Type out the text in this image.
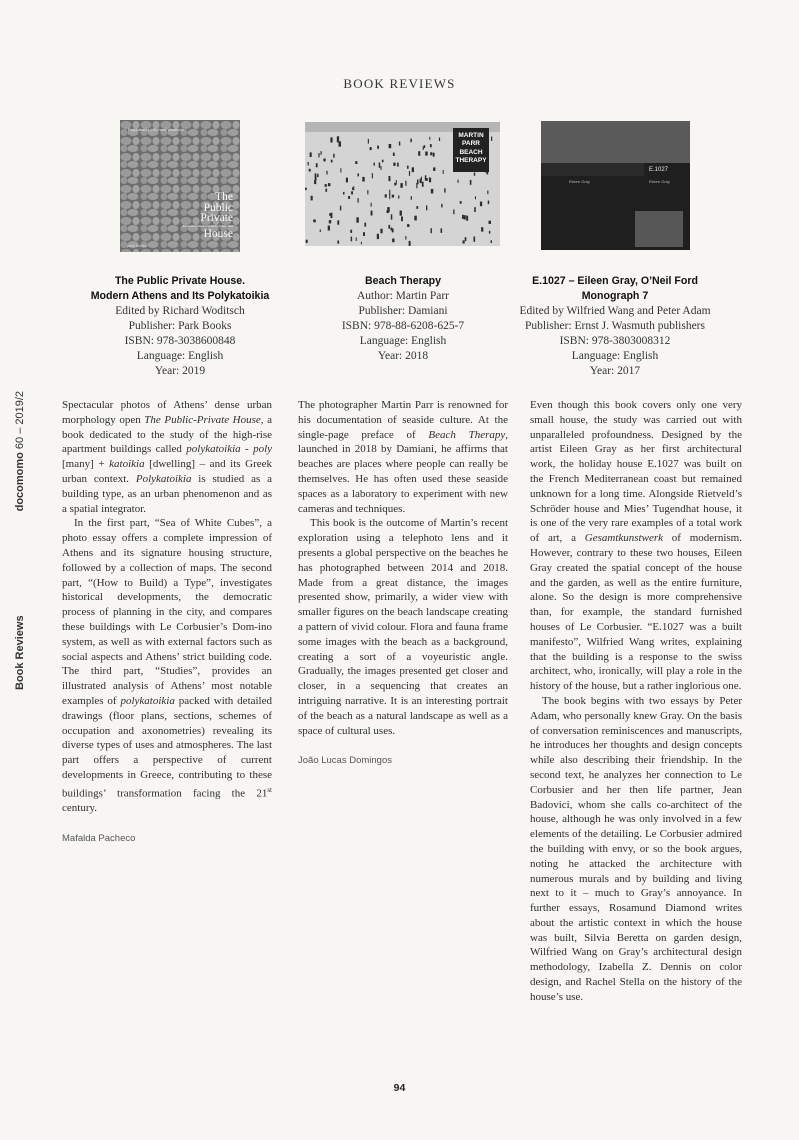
BOOK REVIEWS
Book Reviewsdocomomo 60 – 2019/2
Polykatoikia | Richard Woditsch
The
Public
Private
Modern Athens and its Polykatoikia
House
park books
MARTIN
PARR
BEACH
THERAPY
Eileen Gray
E.1027
Eileen Gray
The Public Private House.
Modern Athens and Its Polykatoikia
Edited by Richard Woditsch
Publisher: Park Books
ISBN: 978-3038600848
Language: English
Year: 2019
Beach Therapy
Author: Martin Parr
Publisher: Damiani
ISBN: 978-88-6208-625-7
Language: English
Year: 2018
E.1027 – Eileen Gray, O’Neil Ford
Monograph 7
Edited by Wilfried Wang and Peter Adam
Publisher: Ernst J. Wasmuth publishers
ISBN: 978-3803008312
Language: English
Year: 2017

Spectacular photos of Athens’ dense urban morphology open The Public-Private House, a book dedicated to the study of the high-rise apartment buildings called polykatoikia - poly [many] + katoikia [dwelling] – and its Greek urban context. Polykatoikia is studied as a building type, as an urban phenomenon and as a spatial integrator.

In the first part, “Sea of White Cubes”, a photo essay offers a complete impression of Athens and its signature housing structure, followed by a collection of maps. The second part, “(How to Build) a Type”, investigates historical developments, the democratic process of planning in the city, and compares these buildings with Le Corbusier’s Dom-ino system, as well as with external factors such as social aspects and Athens’ strict building code. The third part, “Studies”, provides an illustrated analysis of Athens’ most notable examples of polykatoikia packed with detailed drawings (floor plans, sections, schemes of occupation and axonometries) revealing its diverse types of uses and atmospheres. The last part offers a perspective of current developments in Greece, contributing to these buildings’ transformation facing the 21st century.

Mafalda Pacheco

The photographer Martin Parr is renowned for his documentation of seaside culture. At the single-page preface of Beach Therapy, launched in 2018 by Damiani, he affirms that beaches are places where people can really be themselves. He has often used these seaside spaces as a laboratory to experiment with new cameras and techniques.

This book is the outcome of Martin’s recent exploration using a telephoto lens and it presents a global perspective on the beaches he has photographed between 2014 and 2018. Made from a great distance, the images presented show, primarily, a wider view with smaller figures on the beach landscape creating a pattern of vivid colour. Flora and fauna frame some images with the beach as a background, creating a sort of a voyeuristic angle. Gradually, the images presented get closer and closer, in a sequencing that creates an intriguing narrative. It is an interesting portrait of the beach as a natural landscape as well as a space of cultural uses.

João Lucas Domingos

Even though this book covers only one very small house, the study was carried out with unparalleled profoundness. Designed by the artist Eileen Gray as her first architectural work, the holiday house E.1027 was built on the French Mediterranean coast but remained unknown for a long time. Alongside Rietveld’s Schröder house and Mies’ Tugendhat house, it is one of the very rare examples of a total work of art, a Gesamtkunstwerk of modernism. However, contrary to these two houses, Eileen Gray created the spatial concept of the house and the garden, as well as the entire furniture, alone. So the design is more comprehensive than, for example, the standard furnished houses of Le Corbusier. “E.1027 was a built manifesto”, Wilfried Wang writes, explaining that the building is a response to the swiss architect, who, ironically, will play a role in the history of the house, but a rather inglorious one.

The book begins with two essays by Peter Adam, who personally knew Gray. On the basis of conversation reminiscences and manuscripts, he introduces her thoughts and design concepts while also describing their friendship. In the second text, he analyzes her connection to Le Corbusier and her then life partner, Jean Badovici, whom she calls co-architect of the house, although he was only involved in a few elements of the detailing. Le Corbusier admired the building with envy, or so the book argues, noting he attacked the architecture with numerous murals and by building and living next to it – much to Gray’s annoyance. In further essays, Rosamund Diamond writes about the artistic context in which the house was built, Silvia Beretta on garden design, Wilfried Wang on Gray’s architectural design methodology, Izabella Z. Dennis on color design, and Rachel Stella on the history of the house’s use.

94
